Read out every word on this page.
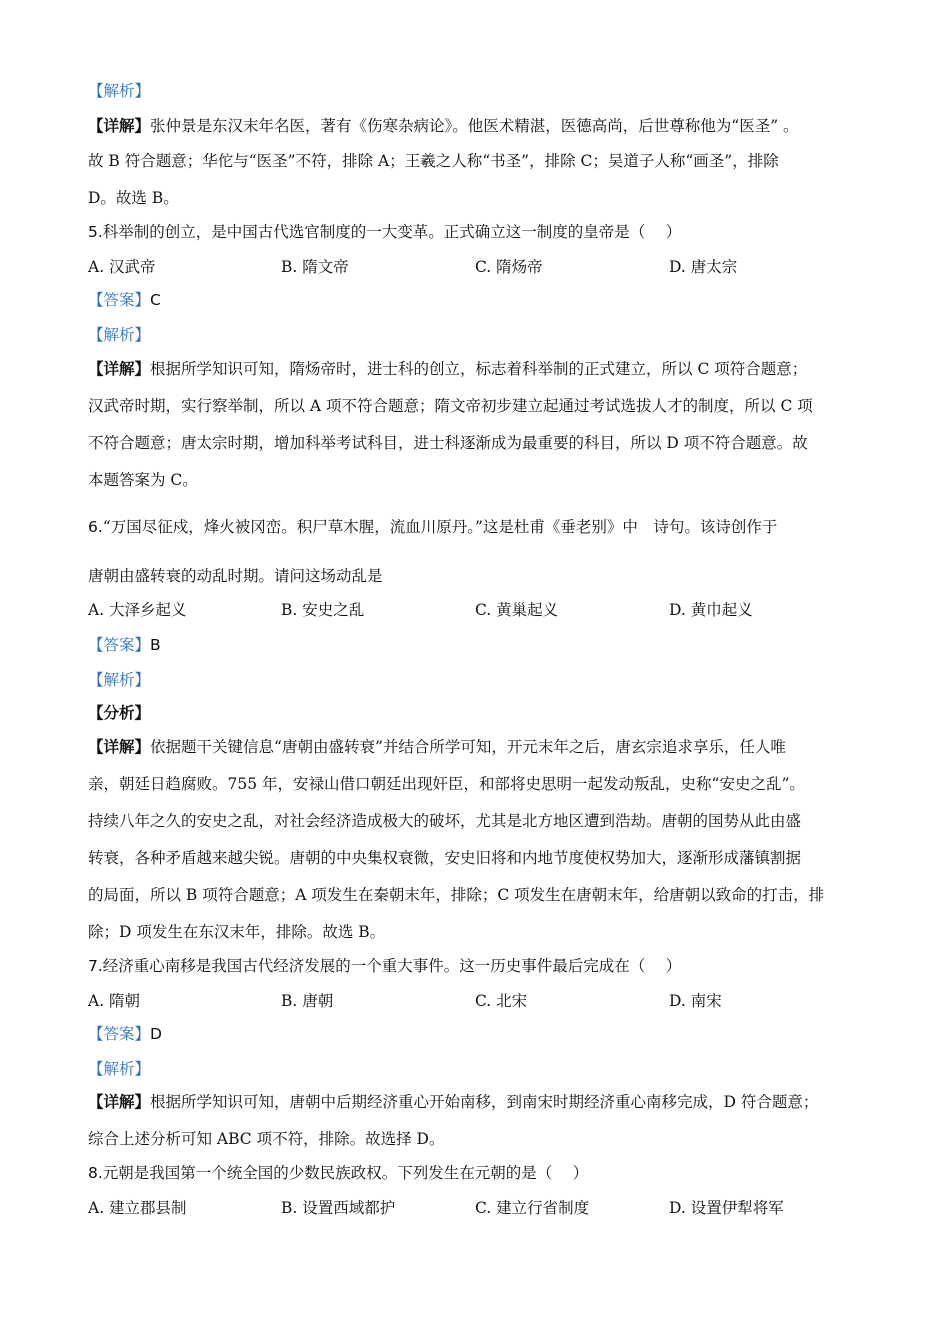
【解析】
【详解】张仲景是东汉末年名医，著有《伤寒杂病论》。他医术精湛，医德高尚，后世尊称他为“医圣” 。
故 B 符合题意；华佗与“医圣”不符，排除 A；王羲之人称“书圣”，排除 C；吴道子人称“画圣”，排除
D。故选 B。
5.科举制的创立，是中国古代选官制度的一大变革。正式确立这一制度的皇帝是（　 ）
A. 汉武帝	B. 隋文帝	C. 隋炀帝	D. 唐太宗
【答案】C
【解析】
【详解】根据所学知识可知，隋炀帝时，进士科的创立，标志着科举制的正式建立，所以 C 项符合题意；
汉武帝时期，实行察举制，所以 A 项不符合题意；隋文帝初步建立起通过考试选拔人才的制度，所以 C 项
不符合题意；唐太宗时期，增加科举考试科目，进士科逐渐成为最重要的科目，所以 D 项不符合题意。故
本题答案为 C。
6.“万国尽征戍，烽火被冈峦。积尸草木腥，流血川原丹。”这是杜甫《垂老别》中　诗句。该诗创作于
唐朝由盛转衰的动乱时期。请问这场动乱是
A. 大泽乡起义	B. 安史之乱	C. 黄巢起义	D. 黄巾起义
【答案】B
【解析】
【分析】
【详解】依据题干关键信息“唐朝由盛转衰”并结合所学可知，开元末年之后，唐玄宗追求享乐，任人唯
亲，朝廷日趋腐败。755 年，安禄山借口朝廷出现奸臣，和部将史思明一起发动叛乱，史称“安史之乱”。
持续八年之久的安史之乱，对社会经济造成极大的破坏，尤其是北方地区遭到浩劫。唐朝的国势从此由盛
转衰，各种矛盾越来越尖锐。唐朝的中央集权衰微，安史旧将和内地节度使权势加大，逐渐形成藩镇割据
的局面，所以 B 项符合题意；A 项发生在秦朝末年，排除；C 项发生在唐朝末年，给唐朝以致命的打击，排
除；D 项发生在东汉末年，排除。故选 B。
7.经济重心南移是我国古代经济发展的一个重大事件。这一历史事件最后完成在（　 ）
A. 隋朝	B. 唐朝	C. 北宋	D. 南宋
【答案】D
【解析】
【详解】根据所学知识可知，唐朝中后期经济重心开始南移，到南宋时期经济重心南移完成，D 符合题意；
综合上述分析可知 ABC 项不符，排除。故选择 D。
8.元朝是我国第一个统全国的少数民族政权。下列发生在元朝的是（　 ）
A. 建立郡县制	B. 设置西域都护	C. 建立行省制度	D. 设置伊犁将军
